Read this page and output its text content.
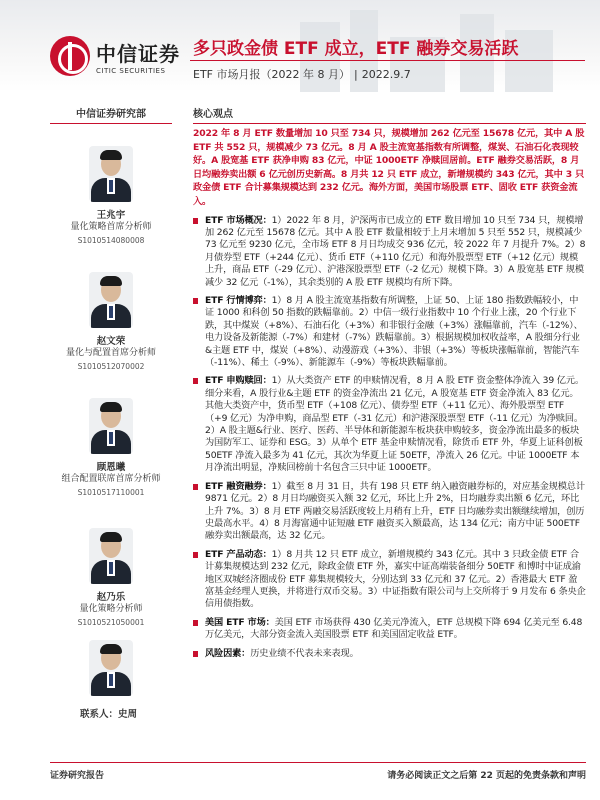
中信证券
CITIC SECURITIES
多只政金债 ETF 成立，ETF 融券交易活跃
ETF 市场月报（2022 年 8 月） | 2022.9.7
中信证券研究部
王兆宇
量化策略首席分析师
S1010514080008
赵文荣
量化与配置首席分析师
S1010512070002
顾恩曦
组合配置联席首席分析师
S1010517110001
赵乃乐
量化策略分析师
S1010521050001
联系人：史周
核心观点
2022 年 8 月 ETF 数量增加 10 只至 734 只，规模增加 262 亿元至 15678 亿元，其中 A 股 ETF 共 552 只，规模减少 73 亿元。8 月 A 股主流宽基指数有所调整，煤炭、石油石化表现较好。A 股宽基 ETF 获净申购 83 亿元，中证 1000ETF 净赎回居前。ETF 融券交易活跃，8 月日均融券卖出额 6 亿元创历史新高。8 月共 12 只 ETF 成立，新增规模约 343 亿元，其中 3 只政金债 ETF 合计募集规模达到 232 亿元。海外方面，美国市场股票 ETF、固收 ETF 获资金流入。
ETF 市场概况：1）2022 年 8 月，沪深两市已成立的 ETF 数目增加 10 只至 734 只，规模增加 262 亿元至 15678 亿元。其中 A 股 ETF 数量相较于上月末增加 5 只至 552 只，规模减少 73 亿元至 9230 亿元，全市场 ETF 8 月日均成交 936 亿元，较 2022 年 7 月提升 7%。2）8 月债券型 ETF（+244 亿元）、货币 ETF（+110 亿元）和海外股票型 ETF（+12 亿元）规模上升，商品 ETF（-29 亿元）、沪港深股票型 ETF（-2 亿元）规模下降。3）A 股宽基 ETF 规模减少 32 亿元（-1%），其余类别的 A 股 ETF 规模均有所下降。
ETF 行情博弈：1）8 月 A 股主流宽基指数有所调整，上证 50、上证 180 指数跌幅较小，中证 1000 和科创 50 指数的跌幅靠前。2）中信一级行业指数中 10 个行业上涨，20 个行业下跌，其中煤炭（+8%）、石油石化（+3%）和非银行金融（+3%）涨幅靠前，汽车（-12%）、电力设备及新能源（-7%）和建材（-7%）跌幅靠前。3）根据规模加权收益率，A 股细分行业&主题 ETF 中，煤炭（+8%）、动漫游戏（+3%）、非银（+3%）等板块涨幅靠前，智能汽车（-11%）、稀土（-9%）、新能源车（-9%）等板块跌幅靠前。
ETF 申购赎回：1）从大类资产 ETF 的申赎情况看，8 月 A 股 ETF 资金整体净流入 39 亿元。细分来看，A 股行业&主题 ETF 的资金净流出 21 亿元，A 股宽基 ETF 资金净流入 83 亿元。其他大类资产中，货币型 ETF（+108 亿元）、债券型 ETF（+11 亿元）、海外股票型 ETF（+9 亿元）为净申购，商品型 ETF（-31 亿元）和沪港深股票型 ETF（-11 亿元）为净赎回。2）A 股主题&行业、医疗、医药、半导体和新能源车板块获申购较多，资金净流出最多的板块为国防军工、证券和 ESG。3）从单个 ETF 基金申赎情况看，除货币 ETF 外，华夏上证科创板 50ETF 净流入最多为 41 亿元，其次为华夏上证 50ETF，净流入 26 亿元。中证 1000ETF 本月净流出明显，净赎回榜前十名包含三只中证 1000ETF。
ETF 融资融券：1）截至 8 月 31 日，共有 198 只 ETF 纳入融资融券标的，对应基金规模总计 9871 亿元。2）8 月日均融资买入额 32 亿元，环比上升 2%，日均融券卖出额 6 亿元，环比上升 7%。3）8 月 ETF 两融交易活跃度较上月稍有上升，ETF 日均融券卖出额继续增加，创历史最高水平。4）8 月海富通中证短融 ETF 融资买入额最高，达 134 亿元；南方中证 500ETF 融券卖出额最高，达 32 亿元。
ETF 产品动态：1）8 月共 12 只 ETF 成立，新增规模约 343 亿元。其中 3 只政金债 ETF 合计募集规模达到 232 亿元，除政金债 ETF 外，嘉实中证高端装备细分 50ETF 和博时中证成渝地区双城经济圈成份 ETF 募集规模较大，分别达到 33 亿元和 37 亿元。2）香港最大 ETF 盈富基金经理人更换，并将进行双币交易。3）中证指数有限公司与上交所将于 9 月发布 6 条央企信用债指数。
美国 ETF 市场：美国 ETF 市场获得 430 亿美元净流入，ETF 总规模下降 694 亿美元至 6.48 万亿美元，大部分资金流入美国股票 ETF 和美国固定收益 ETF。
风险因素：历史业绩不代表未来表现。
证券研究报告	请务必阅读正文之后第 22 页起的免责条款和声明
